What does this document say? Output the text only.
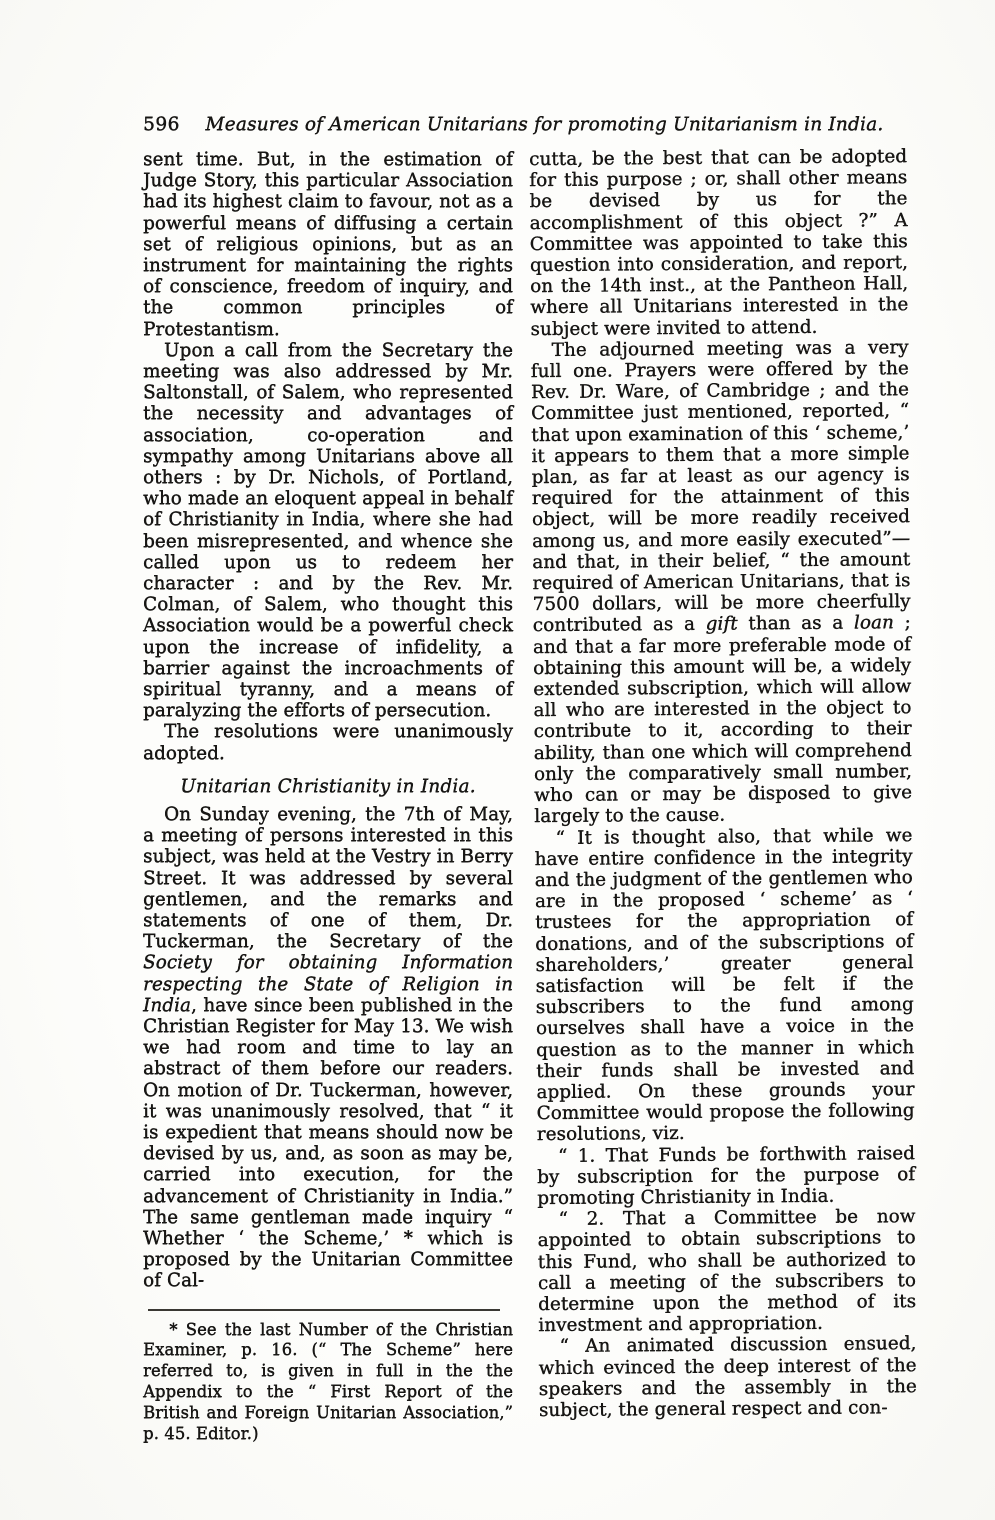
596	Measures of American Unitarians for promoting Unitarianism in India.

sent time. But, in the estimation of Judge Story, this particular Association had its highest claim to favour, not as a powerful means of diffusing a certain set of religious opinions, but as an instrument for maintaining the rights of conscience, freedom of inquiry, and the common principles of Protestantism.

Upon a call from the Secretary the meeting was also addressed by Mr. Saltonstall, of Salem, who represented the necessity and advantages of association, co-operation and sympathy among Unitarians above all others : by Dr. Nichols, of Portland, who made an eloquent appeal in behalf of Christianity in India, where she had been misrepresented, and whence she called upon us to redeem her character : and by the Rev. Mr. Colman, of Salem, who thought this Association would be a powerful check upon the increase of infidelity, a barrier against the incroachments of spiritual tyranny, and a means of paralyzing the efforts of persecution.

The resolutions were unanimously adopted.

Unitarian Christianity in India.

On Sunday evening, the 7th of May, a meeting of persons interested in this subject, was held at the Vestry in Berry Street. It was addressed by several gentlemen, and the remarks and statements of one of them, Dr. Tuckerman, the Secretary of the Society for obtaining Information respecting the State of Religion in India, have since been published in the Christian Register for May 13. We wish we had room and time to lay an abstract of them before our readers. On motion of Dr. Tuckerman, however, it was unanimously resolved, that “ it is expedient that means should now be devised by us, and, as soon as may be, carried into execution, for the advancement of Christianity in India.” The same gentleman made inquiry “ Whether ‘ the Scheme,’ * which is proposed by the Unitarian Committee of Cal-

* See the last Number of the Christian Examiner, p. 16. (“ The Scheme” here referred to, is given in full in the the Appendix to the “ First Report of the British and Foreign Unitarian Association,” p. 45. Editor.)

cutta, be the best that can be adopted for this purpose ; or, shall other means be devised by us for the accomplishment of this object ?” A Committee was appointed to take this question into consideration, and report, on the 14th inst., at the Pantheon Hall, where all Unitarians interested in the subject were invited to attend.

The adjourned meeting was a very full one. Prayers were offered by the Rev. Dr. Ware, of Cambridge ; and the Committee just mentioned, reported, “ that upon examination of this ‘ scheme,’ it appears to them that a more simple plan, as far at least as our agency is required for the attainment of this object, will be more readily received among us, and more easily executed”— and that, in their belief, “ the amount required of American Unitarians, that is 7500 dollars, will be more cheerfully contributed as a gift than as a loan ; and that a far more preferable mode of obtaining this amount will be, a widely extended subscription, which will allow all who are interested in the object to contribute to it, according to their ability, than one which will comprehend only the comparatively small number, who can or may be disposed to give largely to the cause.

“ It is thought also, that while we have entire confidence in the integrity and the judgment of the gentlemen who are in the proposed ‘ scheme’ as ‘ trustees for the appropriation of donations, and of the subscriptions of shareholders,’ greater general satisfaction will be felt if the subscribers to the fund among ourselves shall have a voice in the question as to the manner in which their funds shall be invested and applied. On these grounds your Committee would propose the following resolutions, viz.

“ 1. That Funds be forthwith raised by subscription for the purpose of promoting Christianity in India.

“ 2. That a Committee be now appointed to obtain subscriptions to this Fund, who shall be authorized to call a meeting of the subscribers to determine upon the method of its investment and appropriation.

“ An animated discussion ensued, which evinced the deep interest of the speakers and the assembly in the subject, the general respect and con-
